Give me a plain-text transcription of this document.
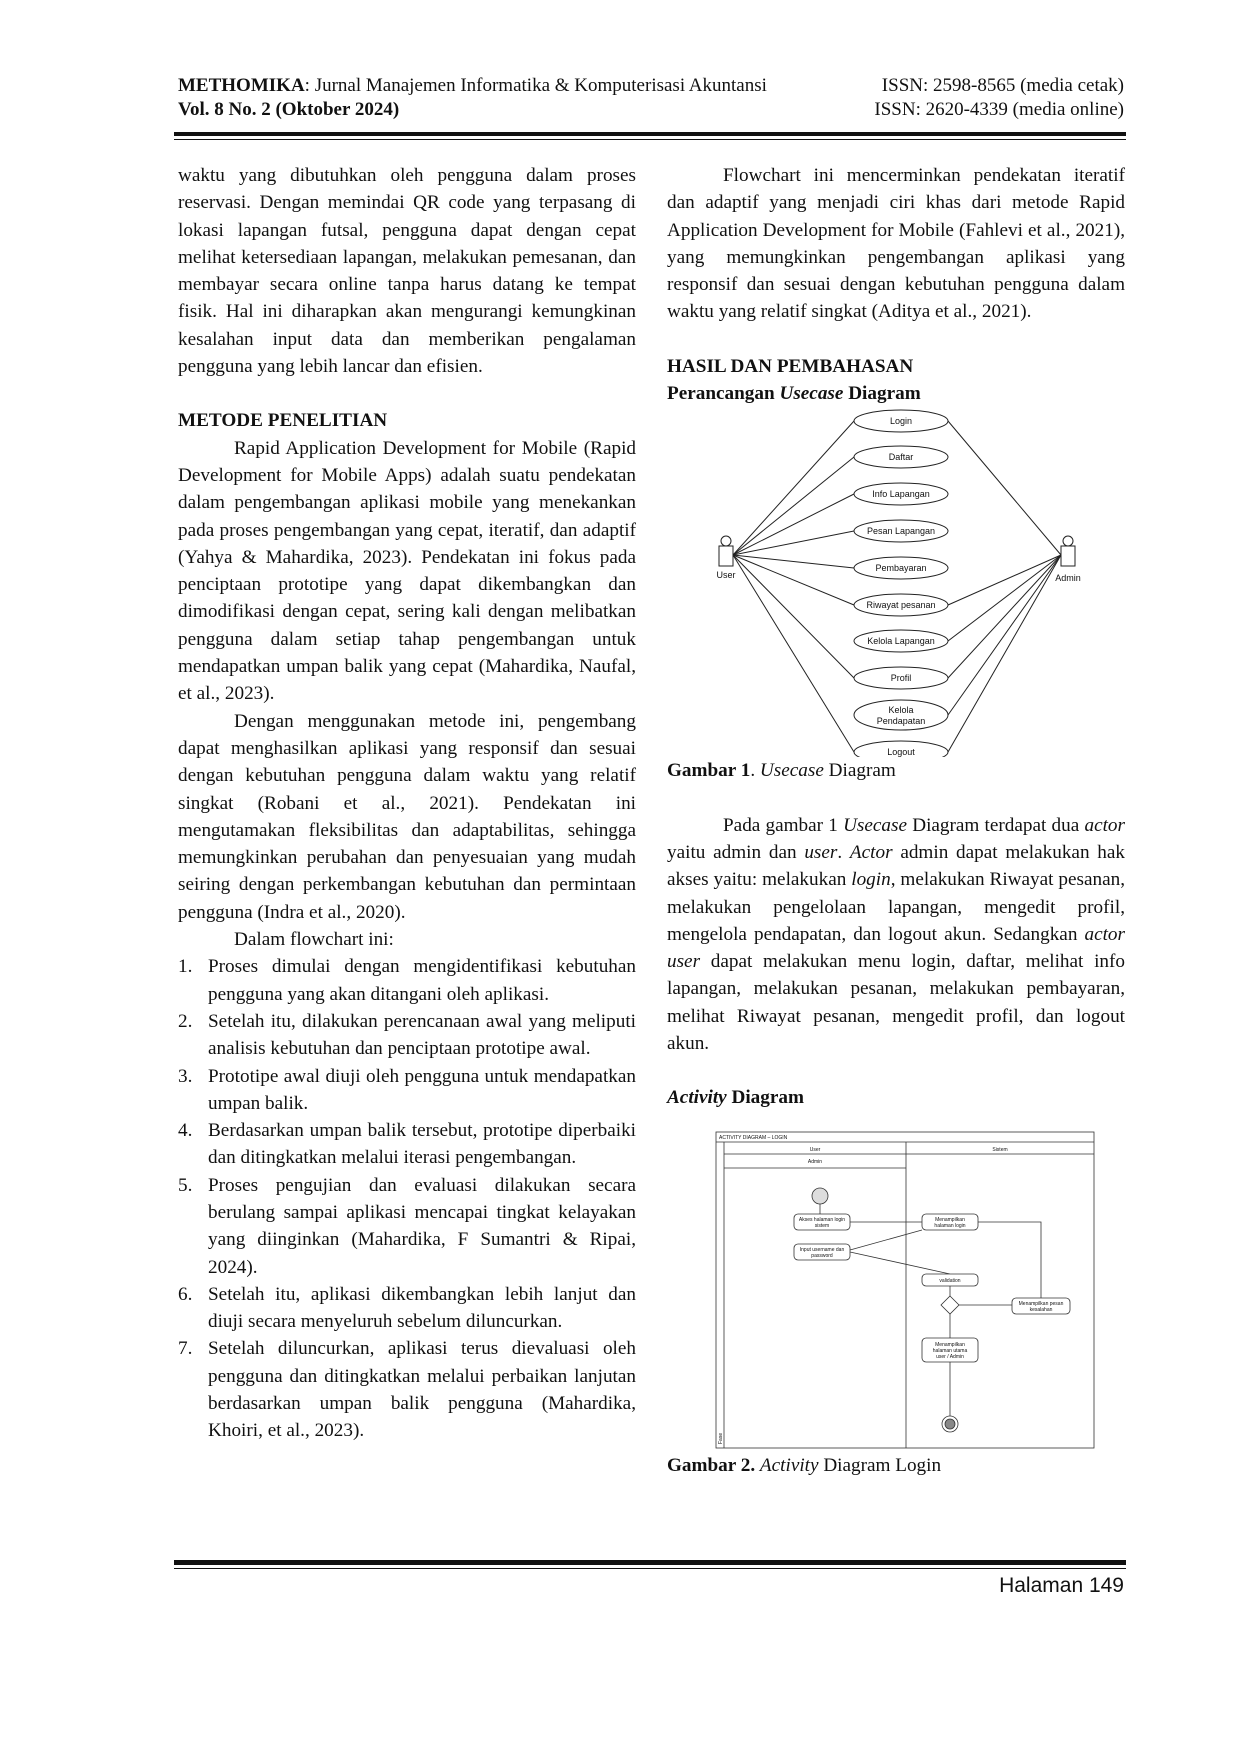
METHOMIKA: Jurnal Manajemen Informatika & Komputerisasi Akuntansi	ISSN: 2598-8565 (media cetak)
Vol. 8 No. 2 (Oktober 2024)	ISSN: 2620-4339 (media online)

waktu yang dibutuhkan oleh pengguna dalam proses reservasi. Dengan memindai QR code yang terpasang di lokasi lapangan futsal, pengguna dapat dengan cepat melihat ketersediaan lapangan, melakukan pemesanan, dan membayar secara online tanpa harus datang ke tempat fisik. Hal ini diharapkan akan mengurangi kemungkinan kesalahan input data dan memberikan pengalaman pengguna yang lebih lancar dan efisien.

METODE PENELITIAN

Rapid Application Development for Mobile (Rapid Development for Mobile Apps) adalah suatu pendekatan dalam pengembangan aplikasi mobile yang menekankan pada proses pengembangan yang cepat, iteratif, dan adaptif (Yahya & Mahardika, 2023). Pendekatan ini fokus pada penciptaan prototipe yang dapat dikembangkan dan dimodifikasi dengan cepat, sering kali dengan melibatkan pengguna dalam setiap tahap pengembangan untuk mendapatkan umpan balik yang cepat (Mahardika, Naufal, et al., 2023).

Dengan menggunakan metode ini, pengembang dapat menghasilkan aplikasi yang responsif dan sesuai dengan kebutuhan pengguna dalam waktu yang relatif singkat (Robani et al., 2021). Pendekatan ini mengutamakan fleksibilitas dan adaptabilitas, sehingga memungkinkan perubahan dan penyesuaian yang mudah seiring dengan perkembangan kebutuhan dan permintaan pengguna (Indra et al., 2020).

Dalam flowchart ini:

1. Proses dimulai dengan mengidentifikasi kebutuhan pengguna yang akan ditangani oleh aplikasi.
2. Setelah itu, dilakukan perencanaan awal yang meliputi analisis kebutuhan dan penciptaan prototipe awal.
3. Prototipe awal diuji oleh pengguna untuk mendapatkan umpan balik.
4. Berdasarkan umpan balik tersebut, prototipe diperbaiki dan ditingkatkan melalui iterasi pengembangan.
5. Proses pengujian dan evaluasi dilakukan secara berulang sampai aplikasi mencapai tingkat kelayakan yang diinginkan (Mahardika, F Sumantri & Ripai, 2024).
6. Setelah itu, aplikasi dikembangkan lebih lanjut dan diuji secara menyeluruh sebelum diluncurkan.
7. Setelah diluncurkan, aplikasi terus dievaluasi oleh pengguna dan ditingkatkan melalui perbaikan lanjutan berdasarkan umpan balik pengguna (Mahardika, Khoiri, et al., 2023).

Flowchart ini mencerminkan pendekatan iteratif dan adaptif yang menjadi ciri khas dari metode Rapid Application Development for Mobile (Fahlevi et al., 2021), yang memungkinkan pengembangan aplikasi yang responsif dan sesuai dengan kebutuhan pengguna dalam waktu yang relatif singkat (Aditya et al., 2021).

HASIL DAN PEMBAHASAN

Perancangan Usecase Diagram

User	Admin
Login
Daftar
Info Lapangan
Pesan Lapangan
Pembayaran
Riwayat pesanan
Kelola Lapangan
Profil
Kelola
Pendapatan
Logout

Gambar 1. Usecase Diagram

Pada gambar 1 Usecase Diagram terdapat dua actor yaitu admin dan user. Actor admin dapat melakukan hak akses yaitu: melakukan login, melakukan Riwayat pesanan, melakukan pengelolaan lapangan, mengedit profil, mengelola pendapatan, dan logout akun. Sedangkan actor user dapat melakukan menu login, daftar, melihat info lapangan, melakukan pesanan, melakukan pembayaran, melihat Riwayat pesanan, mengedit profil, dan logout akun.

Activity Diagram

ACTIVITY DIAGRAM – LOGIN
User	Sistem
Admin
Akses halaman login
sistem
Menampilkan
halaman login
Input username dan
password
validation
Menampilkan pesan
kesalahan
Menampilkan
halaman utama
user / Admin
Fase

Gambar 2. Activity Diagram Login

Halaman 149
